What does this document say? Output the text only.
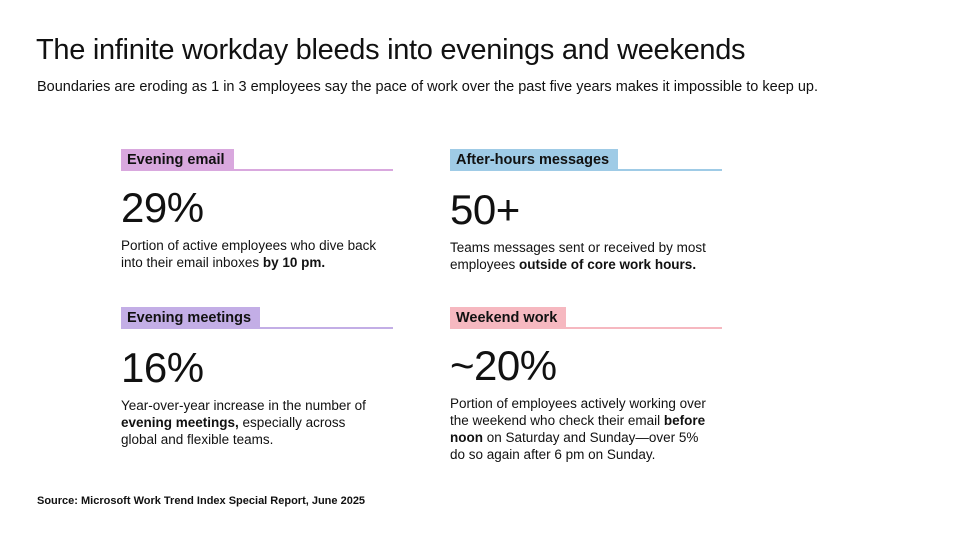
The infinite workday bleeds into evenings and weekends

Boundaries are eroding as 1 in 3 employees say the pace of work over the past five years makes it impossible to keep up.

Evening email

29%

Portion of active employees who dive back into their email inboxes by 10 pm.

After-hours messages

50+

Teams messages sent or received by most employees outside of core work hours.

Evening meetings

16%

Year-over-year increase in the number of evening meetings, especially across global and flexible teams.

Weekend work

~20%

Portion of employees actively working over the weekend who check their email before noon on Saturday and Sunday—over 5% do so again after 6 pm on Sunday.

Source: Microsoft Work Trend Index Special Report, June 2025
